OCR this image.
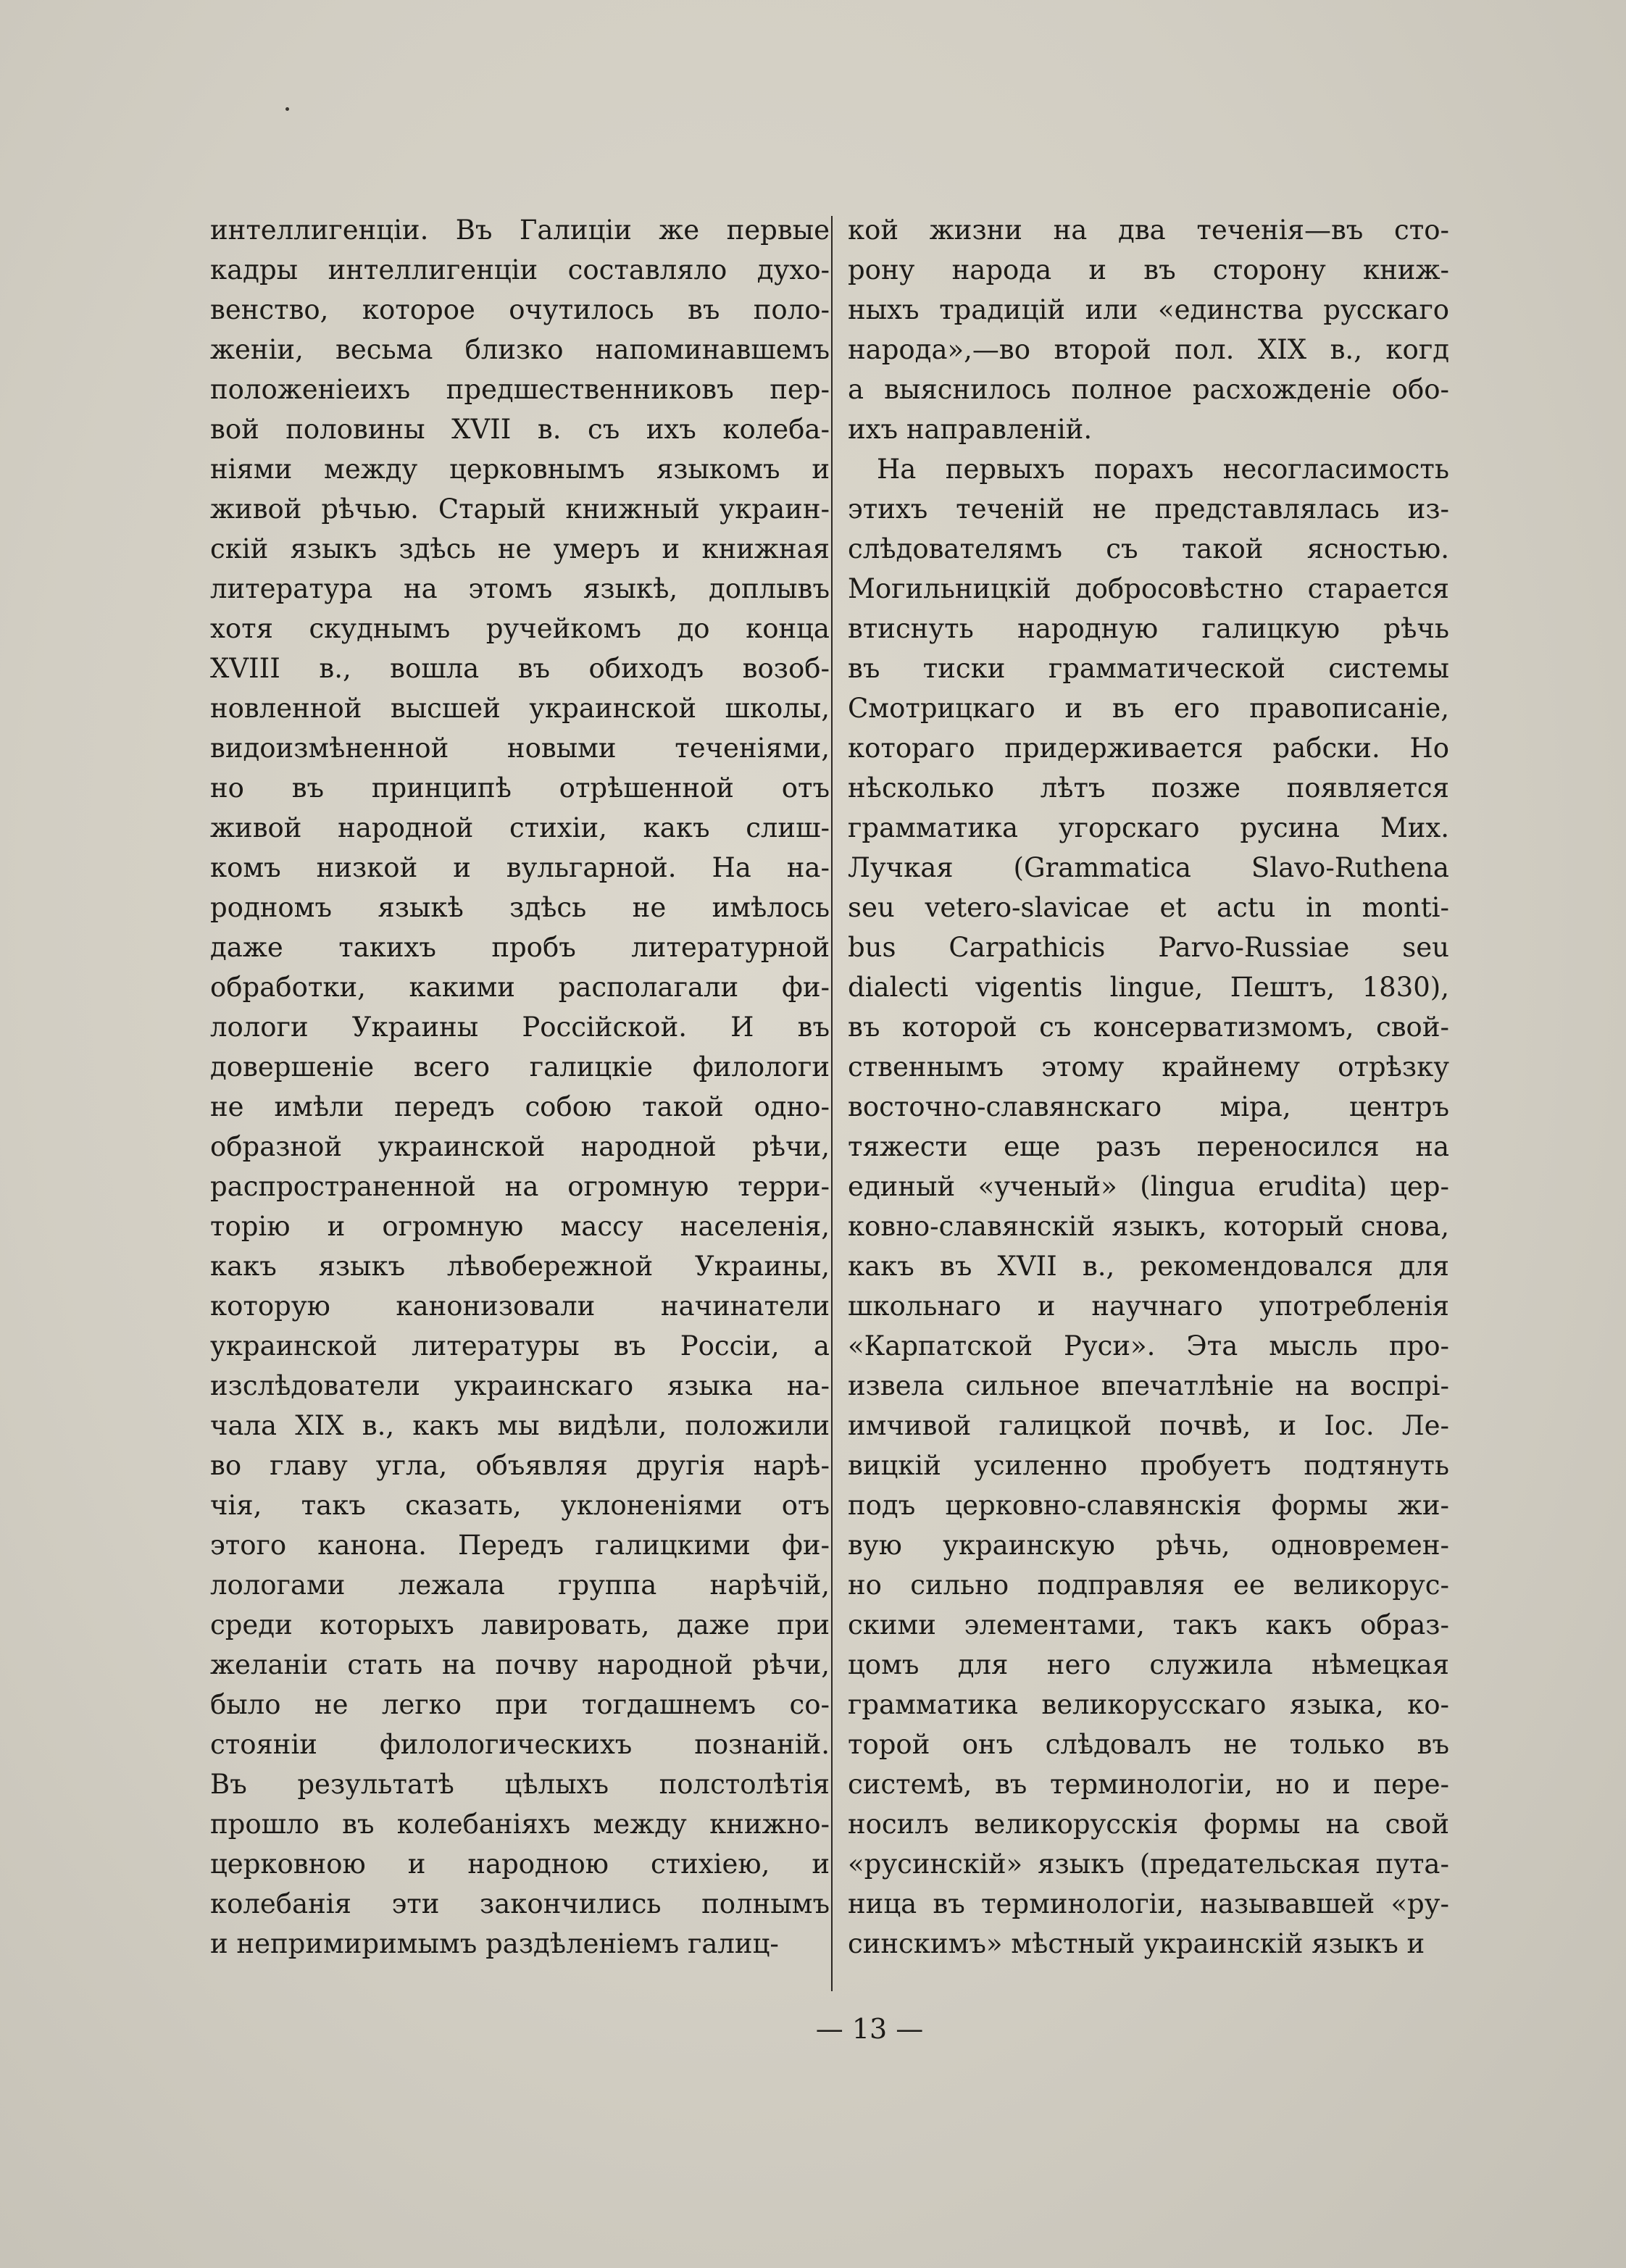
интеллигенціи. Въ Галиціи же первые
кадры интеллигенціи составляло духо-
венство, которое очутилось въ поло-
женіи, весьма близко напоминавшемъ
положеніеихъ предшественниковъ пер-
вой половины XVII в. съ ихъ колеба-
ніями между церковнымъ языкомъ и
живой рѣчью. Старый книжный украин-
скій языкъ здѣсь не умеръ и книжная
литература на этомъ языкѣ, доплывъ
хотя скуднымъ ручейкомъ до конца
XVIII в., вошла въ обиходъ возоб-
новленной высшей украинской школы,
видоизмѣненной новыми теченіями,
но въ принципѣ отрѣшенной отъ
живой народной стихіи, какъ слиш-
комъ низкой и вульгарной. На на-
родномъ языкѣ здѣсь не имѣлось
даже такихъ пробъ литературной
обработки, какими располагали фи-
лологи Украины Россійской. И въ
довершеніе всего галицкіе филологи
не имѣли передъ собою такой одно-
образной украинской народной рѣчи,
распространенной на огромную терри-
торію и огромную массу населенія,
какъ языкъ лѣвобережной Украины,
которую канонизовали начинатели
украинской литературы въ Россіи, а
изслѣдователи украинскаго языка на-
чала XIX в., какъ мы видѣли, положили
во главу угла, объявляя другія нарѣ-
чія, такъ сказать, уклоненіями отъ
этого канона. Передъ галицкими фи-
лологами лежала группа нарѣчій,
среди которыхъ лавировать, даже при
желаніи стать на почву народной рѣчи,
было не легко при тогдашнемъ со-
стояніи филологическихъ познаній.
Въ результатѣ цѣлыхъ полстолѣтія
прошло въ колебаніяхъ между книжно-
церковною и народною стихіею, и
колебанія эти закончились полнымъ
и непримиримымъ раздѣленіемъ галиц-
кой жизни на два теченія—въ сто-
рону народа и въ сторону книж-
ныхъ традицій или «единства русскаго
народа»,—во второй пол. XIX в., когд
а выяснилось полное расхожденіе обо-
ихъ направленій.
На первыхъ порахъ несогласимость
этихъ теченій не представлялась из-
слѣдователямъ съ такой ясностью.
Могильницкій добросовѣстно старается
втиснуть народную галицкую рѣчь
въ тиски грамматической системы
Смотрицкаго и въ его правописаніе,
котораго придерживается рабски. Но
нѣсколько лѣтъ позже появляется
грамматика угорскаго русина Мих.
Лучкая (Grammatica Slavo-Ruthena
seu vetero-slavicae et actu in monti-
bus Carpathicis Parvo-Russiae seu
dialecti vigentis lingue, Пештъ, 1830),
въ которой съ консерватизмомъ, свой-
ственнымъ этому крайнему отрѣзку
восточно-славянскаго міра, центръ
тяжести еще разъ переносился на
единый «ученый» (lingua erudita) цер-
ковно-славянскій языкъ, который снова,
какъ въ XVII в., рекомендовался для
школьнаго и научнаго употребленія
«Карпатской Руси». Эта мысль про-
извела сильное впечатлѣніе на воспрі-
имчивой галицкой почвѣ, и Іос. Ле-
вицкій усиленно пробуетъ подтянуть
подъ церковно-славянскія формы жи-
вую украинскую рѣчь, одновремен-
но сильно подправляя ее великорус-
скими элементами, такъ какъ образ-
цомъ для него служила нѣмецкая
грамматика великорусскаго языка, ко-
торой онъ слѣдовалъ не только въ
системѣ, въ терминологіи, но и пере-
носилъ великорусскія формы на свой
«русинскій» языкъ (предательская пута-
ница въ терминологіи, называвшей «ру-
синскимъ» мѣстный украинскій языкъ и
— 13 —
